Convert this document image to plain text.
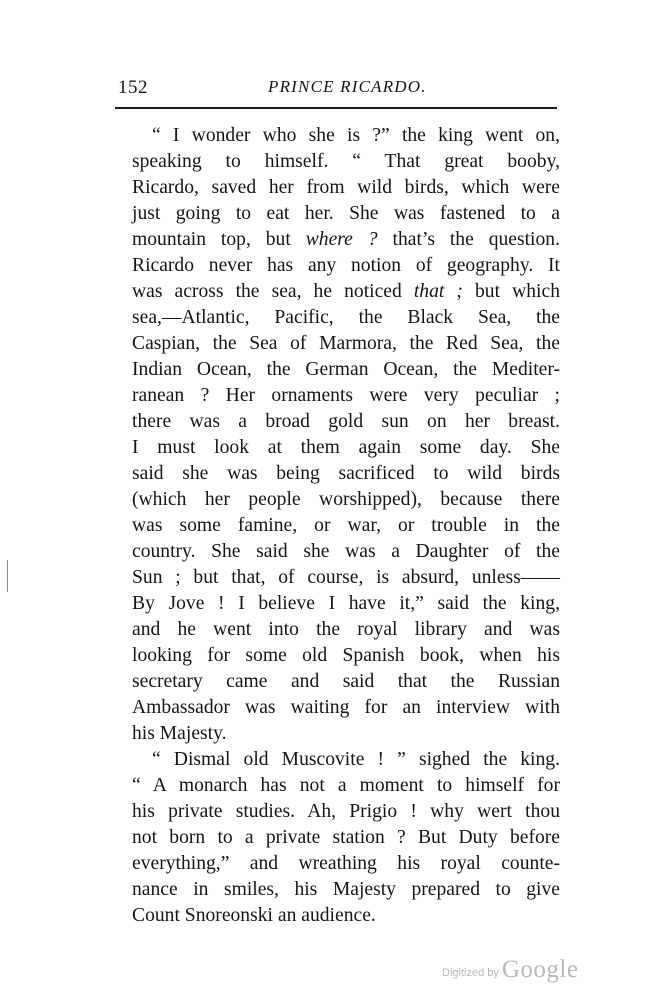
152	PRINCE RICARDO.
“ I wonder who she is ?” the king went on,
speaking to himself. “ That great booby,
Ricardo, saved her from wild birds, which were
just going to eat her. She was fastened to a
mountain top, but where ? that’s the question.
Ricardo never has any notion of geography. It
was across the sea, he noticed that ; but which
sea,—Atlantic, Pacific, the Black Sea, the
Caspian, the Sea of Marmora, the Red Sea, the
Indian Ocean, the German Ocean, the Mediter-
ranean ? Her ornaments were very peculiar ;
there was a broad gold sun on her breast.
I must look at them again some day. She
said she was being sacrificed to wild birds
(which her people worshipped), because there
was some famine, or war, or trouble in the
country. She said she was a Daughter of the
Sun ; but that, of course, is absurd, unless——
By Jove ! I believe I have it,” said the king,
and he went into the royal library and was
looking for some old Spanish book, when his
secretary came and said that the Russian
Ambassador was waiting for an interview with
his Majesty.
“ Dismal old Muscovite ! ” sighed the king.
“ A monarch has not a moment to himself for
his private studies. Ah, Prigio ! why wert thou
not born to a private station ? But Duty before
everything,” and wreathing his royal counte-
nance in smiles, his Majesty prepared to give
Count Snoreonski an audience.
Digitized by Google
